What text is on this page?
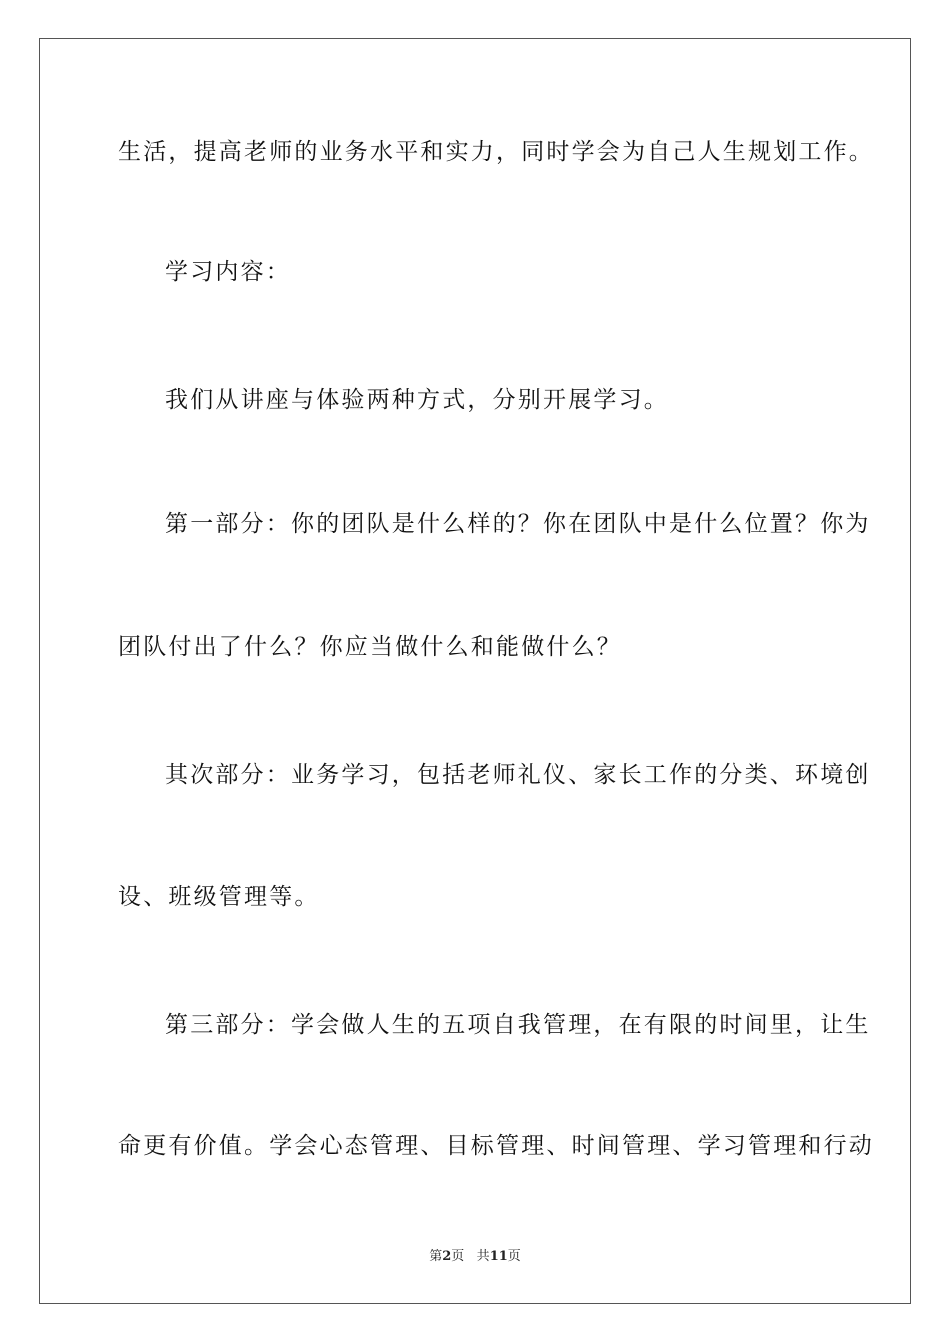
生活，提高老师的业务水平和实力，同时学会为自己人生规划工作。
学习内容：
我们从讲座与体验两种方式，分别开展学习。
第一部分：你的团队是什么样的？你在团队中是什么位置？你为
团队付出了什么？你应当做什么和能做什么？
其次部分：业务学习，包括老师礼仪、家长工作的分类、环境创
设、班级管理等。
第三部分：学会做人生的五项自我管理，在有限的时间里，让生
命更有价值。学会心态管理、目标管理、时间管理、学习管理和行动
第2页 共11页
